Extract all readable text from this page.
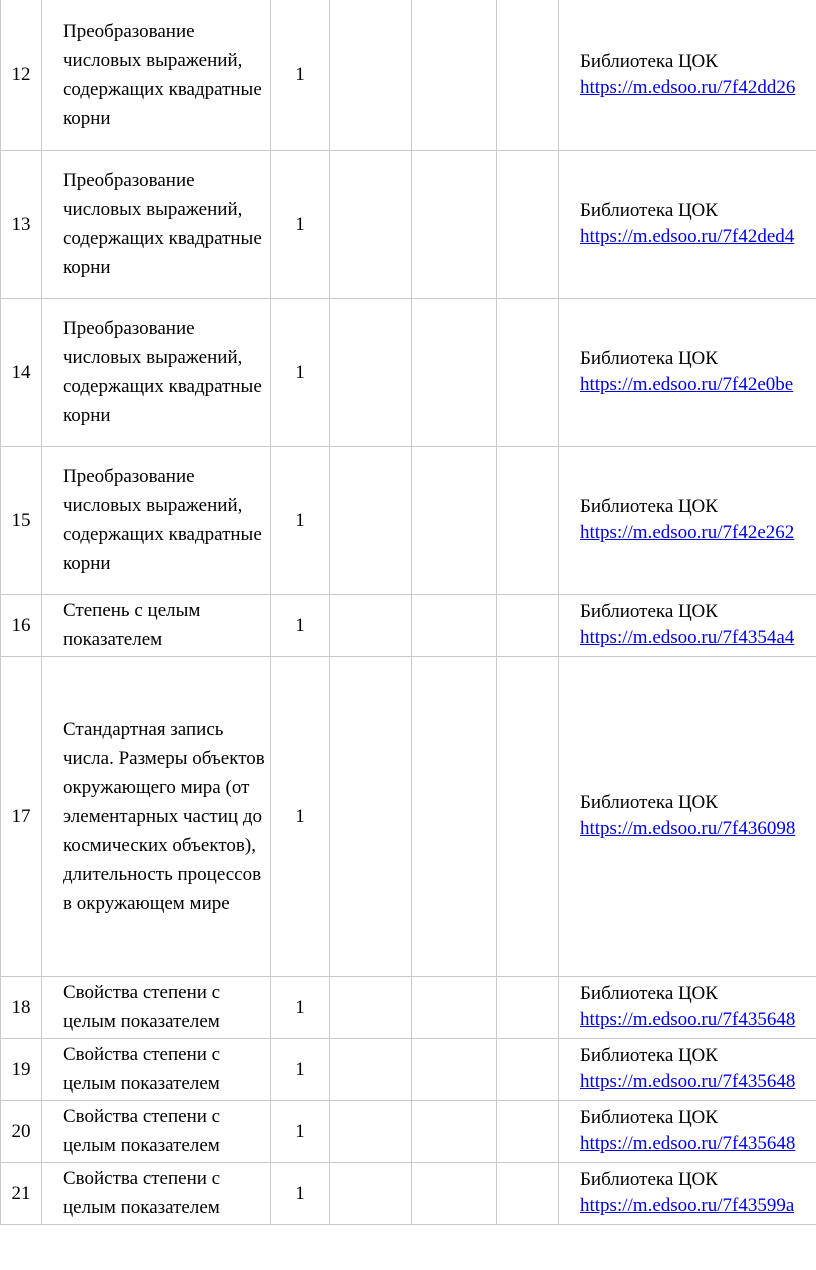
12	Преобразование числовых выражений, содержащих квадратные корни	1				Библиотека ЦОК
https://m.edsoo.ru/7f42dd26

13	Преобразование числовых выражений, содержащих квадратные корни	1				Библиотека ЦОК
https://m.edsoo.ru/7f42ded4

14	Преобразование числовых выражений, содержащих квадратные корни	1				Библиотека ЦОК
https://m.edsoo.ru/7f42e0be

15	Преобразование числовых выражений, содержащих квадратные корни	1				Библиотека ЦОК
https://m.edsoo.ru/7f42e262

16	Степень с целым показателем	1				Библиотека ЦОК
https://m.edsoo.ru/7f4354a4

17	Стандартная запись числа. Размеры объектов окружающего мира (от элементарных частиц до космических объектов), длительность процессов в окружающем мире	1				Библиотека ЦОК
https://m.edsoo.ru/7f436098

18	Свойства степени с целым показателем	1				Библиотека ЦОК
https://m.edsoo.ru/7f435648

19	Свойства степени с целым показателем	1				Библиотека ЦОК
https://m.edsoo.ru/7f435648

20	Свойства степени с целым показателем	1				Библиотека ЦОК
https://m.edsoo.ru/7f435648

21	Свойства степени с целым показателем	1				Библиотека ЦОК
https://m.edsoo.ru/7f43599a
